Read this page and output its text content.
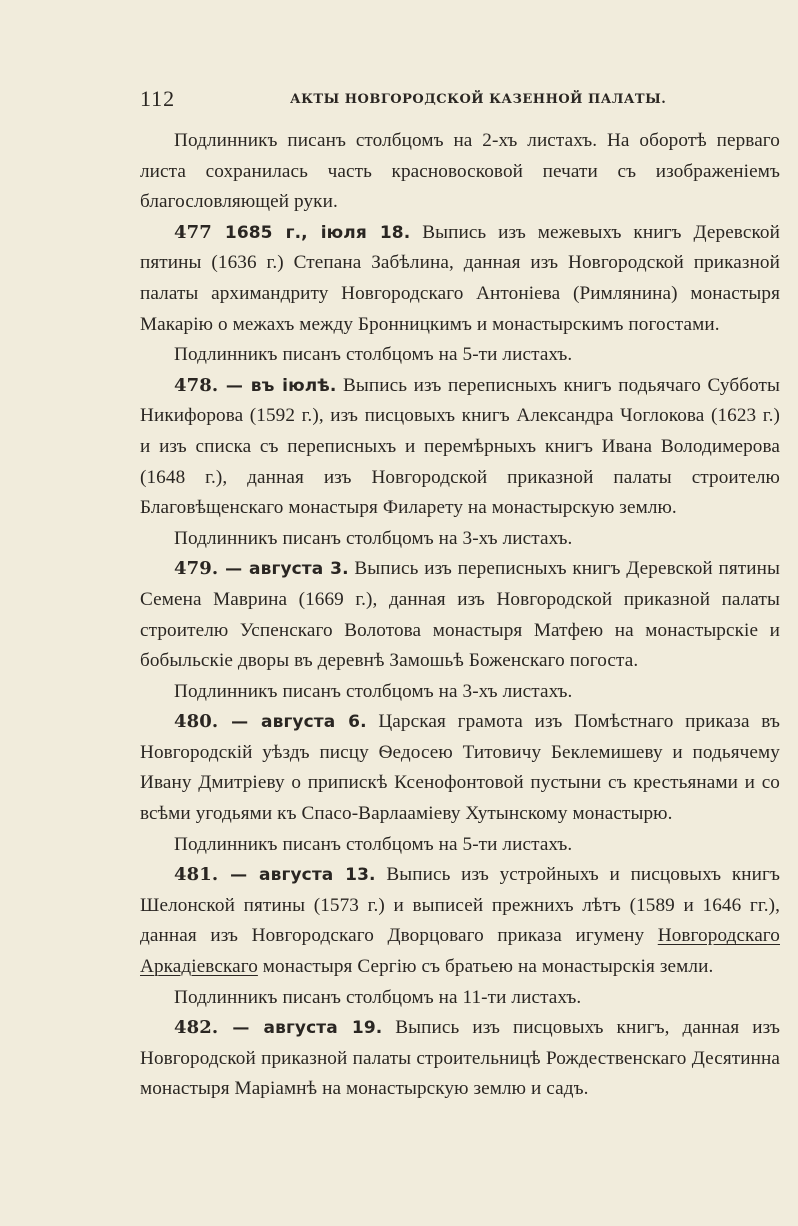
112	АКТЫ НОВГОРОДСКОЙ КАЗЕННОЙ ПАЛАТЫ.

Подлинникъ писанъ столбцомъ на 2-хъ листахъ. На оборотѣ перваго листа сохранилась часть красновосковой печати съ изображенiемъ благословляющей руки.

477 1685 г., iюля 18. Выпись изъ межевыхъ книгъ Деревской пятины (1636 г.) Степана Забѣлина, данная изъ Новгородской приказной палаты архимандриту Новгородскаго Антонiева (Римлянина) монастыря Макарiю о межахъ между Бронницкимъ и монастырскимъ погостами.

Подлинникъ писанъ столбцомъ на 5-ти листахъ.

478. — въ iюлѣ. Выпись изъ переписныхъ книгъ подьячаго Субботы Никифорова (1592 г.), изъ писцовыхъ книгъ Александра Чоглокова (1623 г.) и изъ списка съ переписныхъ и перемѣрныхъ книгъ Ивана Володимерова (1648 г.), данная изъ Новгородской приказной палаты строителю Благовѣщенскаго монастыря Филарету на монастырскую землю.

Подлинникъ писанъ столбцомъ на 3-хъ листахъ.

479. — августа 3. Выпись изъ переписныхъ книгъ Деревской пятины Семена Маврина (1669 г.), данная изъ Новгородской приказной палаты строителю Успенскаго Волотова монастыря Матфею на монастырскiе и бобыльскiе дворы въ деревнѣ Замошьѣ Боженскаго погоста.

Подлинникъ писанъ столбцомъ на 3-хъ листахъ.

480. — августа 6. Царская грамота изъ Помѣстнаго приказа въ Новгородскiй уѣздъ писцу Ѳедосею Титовичу Беклемишеву и подьячему Ивану Дмитрiеву о припискѣ Ксенофонтовой пустыни съ крестьянами и со всѣми угодьями къ Спасо-Варлаамiеву Хутынскому монастырю.

Подлинникъ писанъ столбцомъ на 5-ти листахъ.

481. — августа 13. Выпись изъ устройныхъ и писцовыхъ книгъ Шелонской пятины (1573 г.) и выписей прежнихъ лѣтъ (1589 и 1646 гг.), данная изъ Новгородскаго Дворцоваго приказа игумену Новгородскаго Аркадiевскаго монастыря Сергiю съ братьею на монастырскiя земли.

Подлинникъ писанъ столбцомъ на 11-ти листахъ.

482. — августа 19. Выпись изъ писцовыхъ книгъ, данная изъ Новгородской приказной палаты строительницѣ Рождественскаго Десятинна монастыря Марiамнѣ на монастырскую землю и садъ.
